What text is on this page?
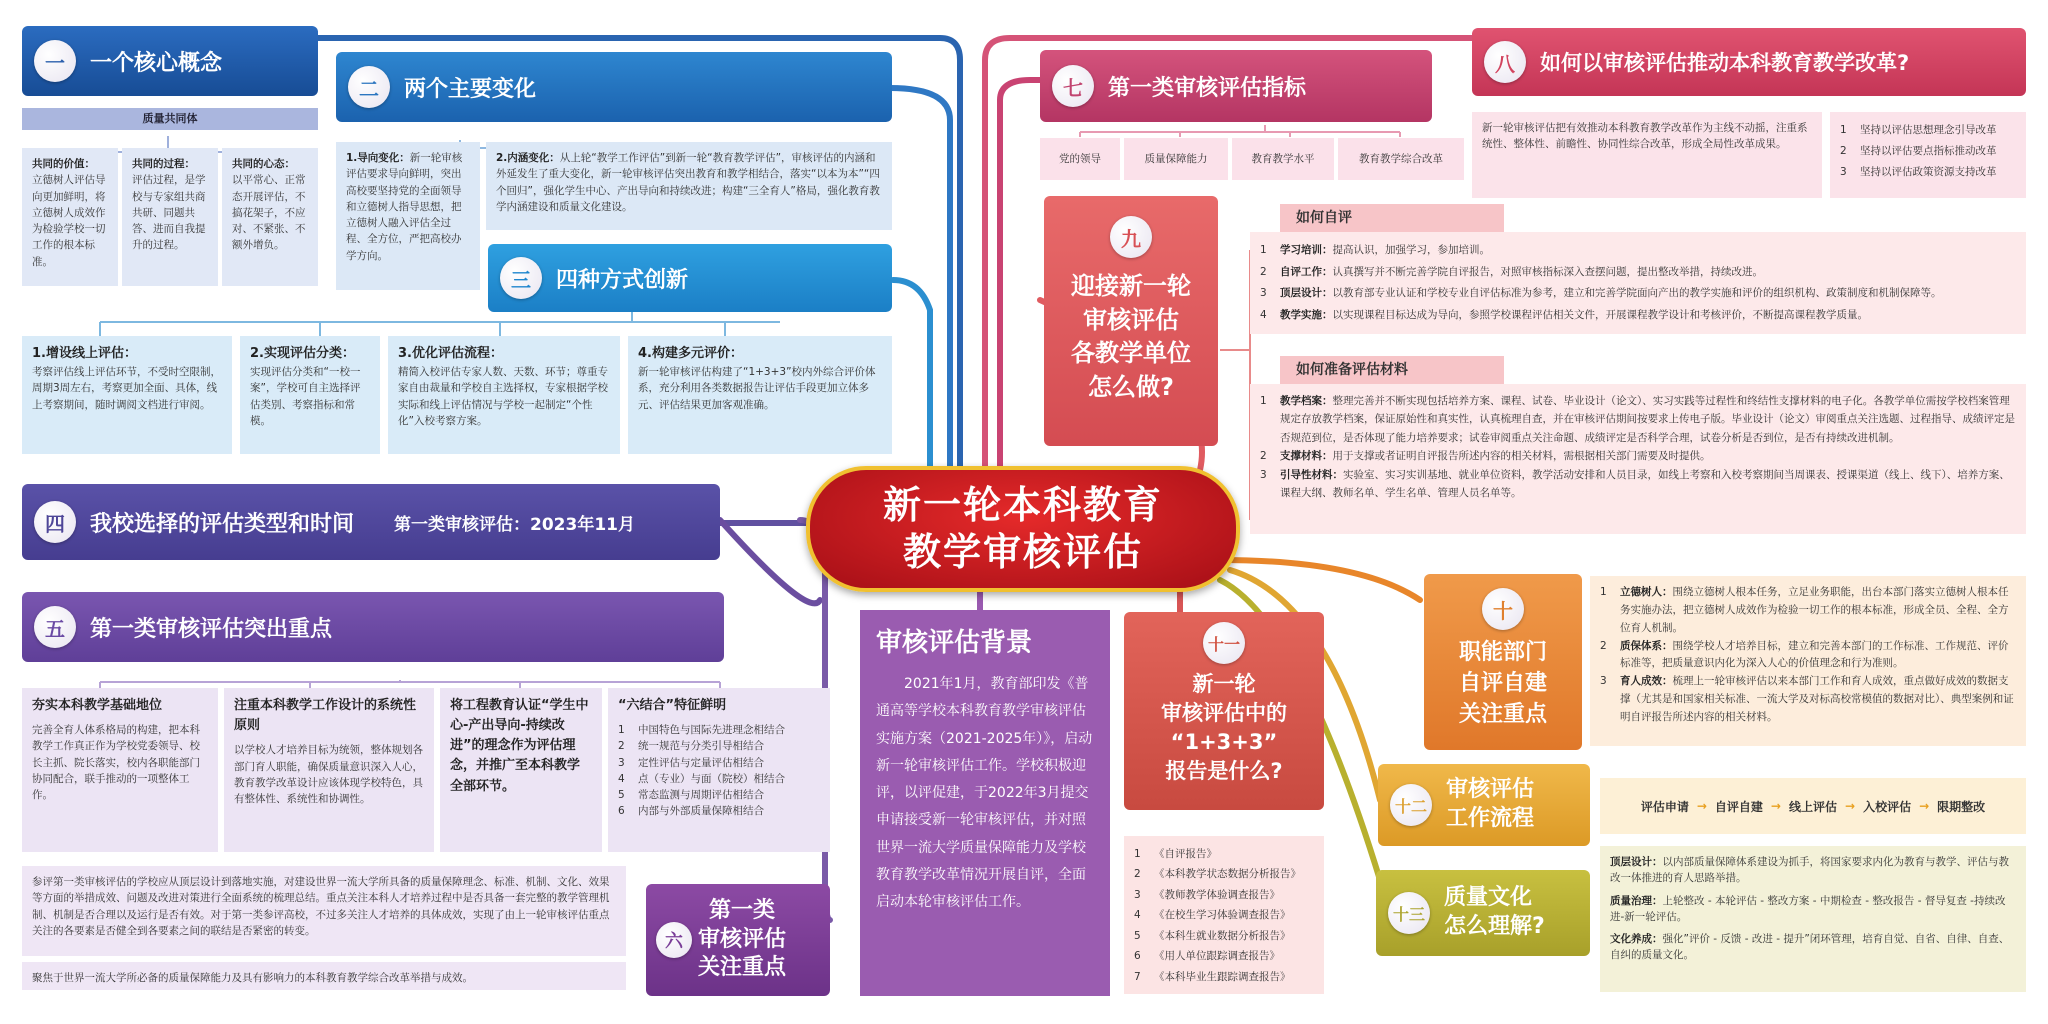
一	一个核心概念
质量共同体
共同的价值：
立德树人评估导向更加鲜明，将立德树人成效作为检验学校一切工作的根本标准。
共同的过程：
评估过程，是学校与专家组共商共研、同题共答、进而自我提升的过程。
共同的心态：
以平常心、正常态开展评估，不搞花架子，不应对、不紧张、不额外增负。
二	两个主要变化
1.导向变化：新一轮审核评估要求导向鲜明，突出高校要坚持党的全面领导和立德树人指导思想，把立德树人融入评估全过程、全方位，严把高校办学方向。
2.内涵变化：从上轮“教学工作评估”到新一轮“教育教学评估”，审核评估的内涵和外延发生了重大变化，新一轮审核评估突出教育和教学相结合，落实“以本为本”“四个回归”，强化学生中心、产出导向和持续改进；构建“三全育人”格局，强化教育教学内涵建设和质量文化建设。
三	四种方式创新
1.增设线上评估：
考察评估线上评估环节，不受时空限制，周期3周左右，考察更加全面、具体，线上考察期间，随时调阅文档进行审阅。
2.实现评估分类：
实现评估分类和“一校一案”，学校可自主选择评估类别、考察指标和常模。
3.优化评估流程：
精简入校评估专家人数、天数、环节；尊重专家自由裁量和学校自主选择权，专家根据学校实际和线上评估情况与学校一起制定“个性化”入校考察方案。
4.构建多元评价：
新一轮审核评估构建了“1+3+3”校内外综合评价体系，充分利用各类数据报告让评估手段更加立体多元、评估结果更加客观准确。
四	我校选择的评估类型和时间 第一类审核评估：2023年11月	新一轮本科教育
教学审核评估
五	第一类审核评估突出重点
夯实本科教学基础地位
完善全育人体系格局的构建，把本科教学工作真正作为学校党委领导、校长主抓、院长落实，校内各职能部门协同配合，联手推动的一项整体工作。
注重本科教学工作设计的系统性原则
以学校人才培养目标为统领，整体规划各部门育人职能，确保质量意识深入人心，教育教学改革设计应该体现学校特色，具有整体性、系统性和协调性。
将工程教育认证“学生中心-产出导向-持续改进”的理念作为评估理念，并推广至本科教学全部环节。
“六结合”特征鲜明
1	中国特色与国际先进理念相结合
2	统一规范与分类引导相结合
3	定性评估与定量评估相结合
4	点（专业）与面（院校）相结合
5	常态监测与周期评估相结合
6	内部与外部质量保障相结合
参评第一类审核评估的学校应从顶层设计到落地实施，对建设世界一流大学所具备的质量保障理念、标准、机制、文化、效果等方面的举措成效、问题及改进对策进行全面系统的梳理总结。重点关注本科人才培养过程中是否具备一套完整的教学管理机制、机制是否合理以及运行是否有效。对于第一类参评高校，不过多关注人才培养的具体成效，实现了由上一轮审核评估重点关注的各要素是否健全到各要素之间的联结是否紧密的转变。
聚焦于世界一流大学所必备的质量保障能力及具有影响力的本科教育教学综合改革举措与成效。
六
第一类
审核评估
关注重点
审核评估背景
2021年1月，教育部印发《普通高等学校本科教育教学审核评估实施方案（2021-2025年）》，启动新一轮审核评估工作。学校积极迎评，以评促建，于2022年3月提交申请接受新一轮审核评估，并对照世界一流大学质量保障能力及学校教育教学改革情况开展自评，全面启动本轮审核评估工作。
七	第一类审核评估指标
党的领导	质量保障能力	教育教学水平	教育教学综合改革
八	如何以审核评估推动本科教育教学改革?
新一轮审核评估把有效推动本科教育教学改革作为主线不动摇，注重系统性、整体性、前瞻性、协同性综合改革，形成全局性改革成果。
1	坚持以评估思想理念引导改革
2	坚持以评估要点指标推动改革
3	坚持以评估政策资源支持改革
九
迎接新一轮
审核评估
各教学单位
怎么做?
如何自评
1	学习培训：提高认识，加强学习，参加培训。
2	自评工作：认真撰写并不断完善学院自评报告，对照审核指标深入查摆问题，提出整改举措，持续改进。
3	顶层设计：以教育部专业认证和学校专业自评估标准为参考，建立和完善学院面向产出的教学实施和评价的组织机构、政策制度和机制保障等。
4	教学实施：以实现课程目标达成为导向，参照学校课程评估相关文件，开展课程教学设计和考核评价，不断提高课程教学质量。
如何准备评估材料
1	教学档案：整理完善并不断实现包括培养方案、课程、试卷、毕业设计（论文）、实习实践等过程性和终结性支撑材料的电子化。各教学单位需按学校档案管理规定存放教学档案，保证原始性和真实性，认真梳理自查，并在审核评估期间按要求上传电子版。毕业设计（论文）审阅重点关注选题、过程指导、成绩评定是否规范到位，是否体现了能力培养要求；试卷审阅重点关注命题、成绩评定是否科学合理，试卷分析是否到位，是否有持续改进机制。
2	支撑材料：用于支撑或者证明自评报告所述内容的相关材料，需根据相关部门需要及时提供。
3	引导性材料：实验室、实习实训基地、就业单位资料，教学活动安排和人员目录，如线上考察和入校考察期间当周课表、授课渠道（线上、线下）、培养方案、课程大纲、教师名单、学生名单、管理人员名单等。
十
职能部门
自评自建
关注重点
1	立德树人：围绕立德树人根本任务，立足业务职能，出台本部门落实立德树人根本任务实施办法，把立德树人成效作为检验一切工作的根本标准，形成全员、全程、全方位育人机制。
2	质保体系：围绕学校人才培养目标，建立和完善本部门的工作标准、工作规范、评价标准等，把质量意识内化为深入人心的价值理念和行为准则。
3	育人成效：梳理上一轮审核评估以来本部门工作和育人成效，重点做好成效的数据支撑（尤其是和国家相关标准、一流大学及对标高校常模值的数据对比）、典型案例和证明自评报告所述内容的相关材料。
十一
新一轮
审核评估中的
“1+3+3”
报告是什么?
1	《自评报告》
2	《本科教学状态数据分析报告》
3	《教师教学体验调查报告》
4	《在校生学习体验调查报告》
5	《本科生就业数据分析报告》
6	《用人单位跟踪调查报告》
7	《本科毕业生跟踪调查报告》
十二
审核评估
工作流程	评估申请 → 自评自建 → 线上评估 → 入校评估 → 限期整改
十三
质量文化
怎么理解?
顶层设计：以内部质量保障体系建设为抓手，将国家要求内化为教育与教学、评估与教改一体推进的育人思路举措。
质量治理：上轮整改 - 本轮评估 - 整改方案 - 中期检查 - 整改报告 - 督导复查 -持续改进-新一轮评估。
文化养成：强化”评价 - 反馈 - 改进 - 提升”闭环管理，培育自觉、自省、自律、自查、自纠的质量文化。
